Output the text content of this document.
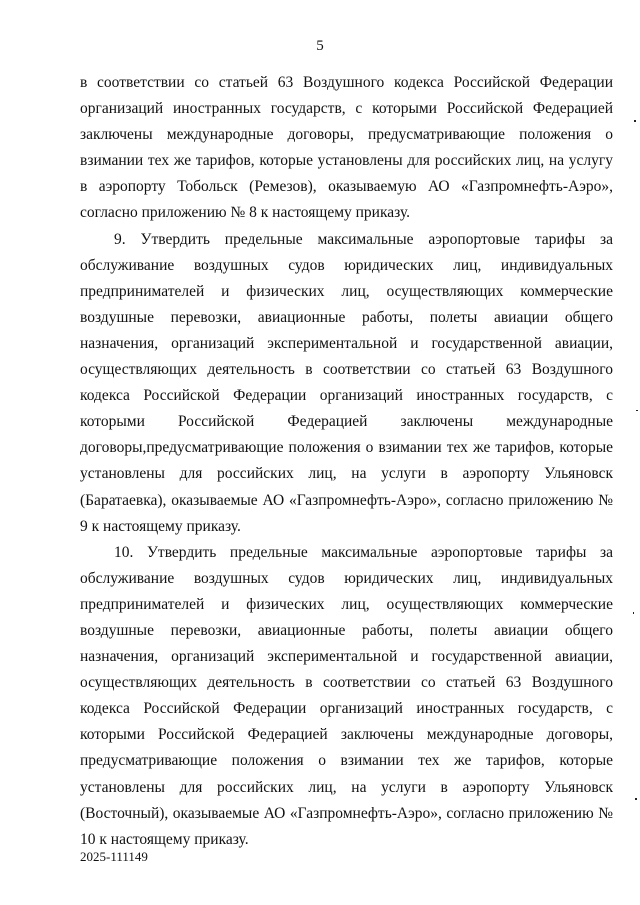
5

в соответствии со статьей 63 Воздушного кодекса Российской Федерации организаций иностранных государств, с которыми Российской Федерацией заключены международные договоры, предусматривающие положения о взимании тех же тарифов, которые установлены для российских лиц, на услугу в аэропорту Тобольск (Ремезов), оказываемую АО «Газпромнефть-Аэро», согласно приложению № 8 к настоящему приказу.

9. Утвердить предельные максимальные аэропортовые тарифы за обслуживание воздушных судов юридических лиц, индивидуальных предпринимателей и физических лиц, осуществляющих коммерческие воздушные перевозки, авиационные работы, полеты авиации общего назначения, организаций экспериментальной и государственной авиации, осуществляющих деятельность в соответствии со статьей 63 Воздушного кодекса Российской Федерации организаций иностранных государств, с которыми Российской Федерацией заключены международные договоры,предусматривающие положения о взимании тех же тарифов, которые установлены для российских лиц, на услуги в аэропорту Ульяновск (Баратаевка), оказываемые АО «Газпромнефть-Аэро», согласно приложению № 9 к настоящему приказу.

10. Утвердить предельные максимальные аэропортовые тарифы за обслуживание воздушных судов юридических лиц, индивидуальных предпринимателей и физических лиц, осуществляющих коммерческие воздушные перевозки, авиационные работы, полеты авиации общего назначения, организаций экспериментальной и государственной авиации, осуществляющих деятельность в соответствии со статьей 63 Воздушного кодекса Российской Федерации организаций иностранных государств, с которыми Российской Федерацией заключены международные договоры, предусматривающие положения о взимании тех же тарифов, которые установлены для российских лиц, на услуги в аэропорту Ульяновск (Восточный), оказываемые АО «Газпромнефть-Аэро», согласно приложению № 10 к настоящему приказу.

2025-111149
